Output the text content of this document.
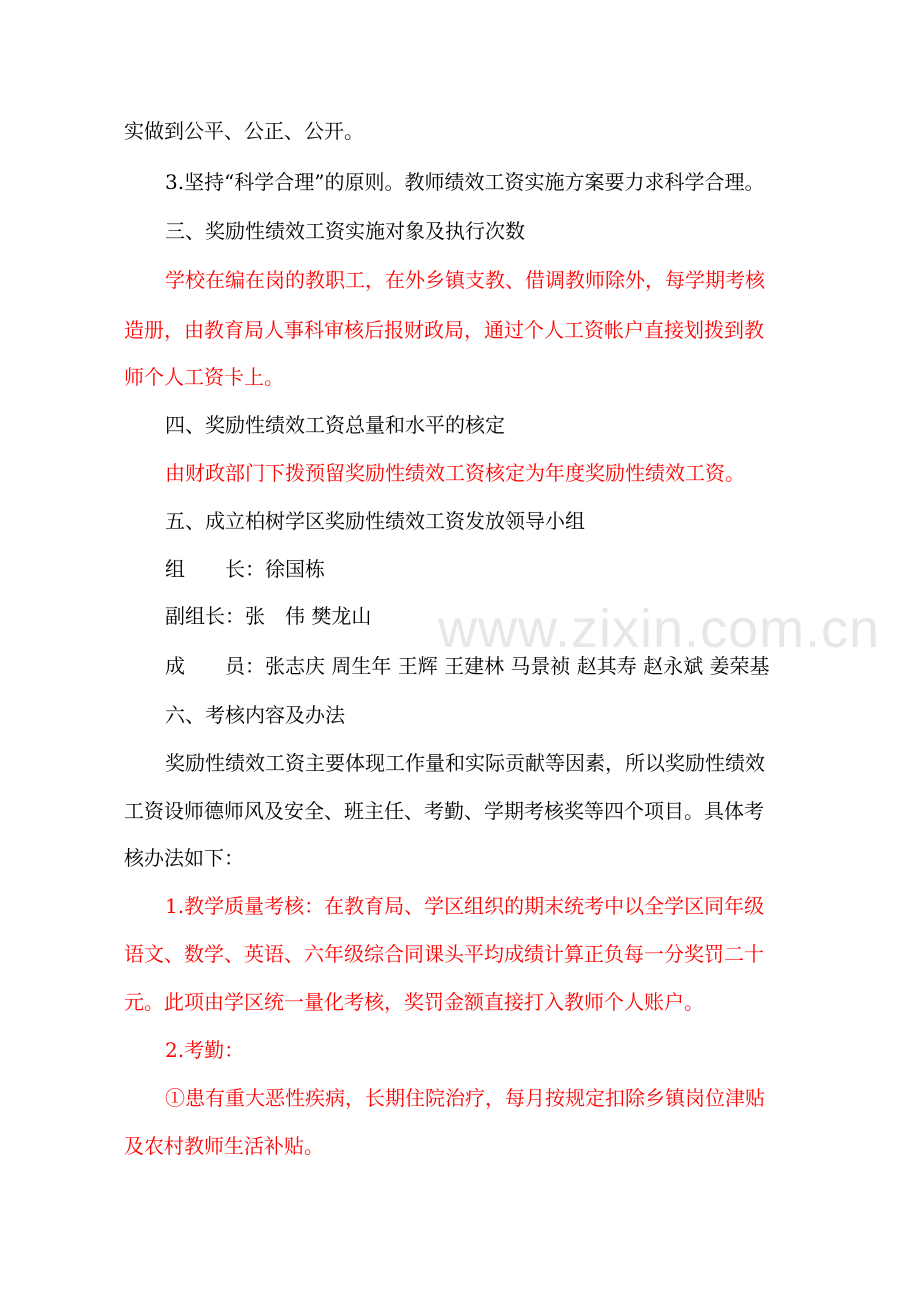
www.zixin.com.cn
实做到公平、公正、公开。
3.坚持“科学合理”的原则。教师绩效工资实施方案要力求科学合理。
三、奖励性绩效工资实施对象及执行次数
学校在编在岗的教职工，在外乡镇支教、借调教师除外，每学期考核
造册，由教育局人事科审核后报财政局，通过个人工资帐户直接划拨到教
师个人工资卡上。
四、奖励性绩效工资总量和水平的核定
由财政部门下拨预留奖励性绩效工资核定为年度奖励性绩效工资。
五、成立柏树学区奖励性绩效工资发放领导小组
组　　长：徐国栋
副组长：张　伟 樊龙山
成　　员：张志庆 周生年 王辉 王建林 马景祯 赵其寿 赵永斌 姜荣基
六、考核内容及办法
奖励性绩效工资主要体现工作量和实际贡献等因素，所以奖励性绩效
工资设师德师风及安全、班主任、考勤、学期考核奖等四个项目。具体考
核办法如下：
1.教学质量考核：在教育局、学区组织的期末统考中以全学区同年级
语文、数学、英语、六年级综合同课头平均成绩计算正负每一分奖罚二十
元。此项由学区统一量化考核，奖罚金额直接打入教师个人账户。
2.考勤：
①患有重大恶性疾病，长期住院治疗，每月按规定扣除乡镇岗位津贴
及农村教师生活补贴。
